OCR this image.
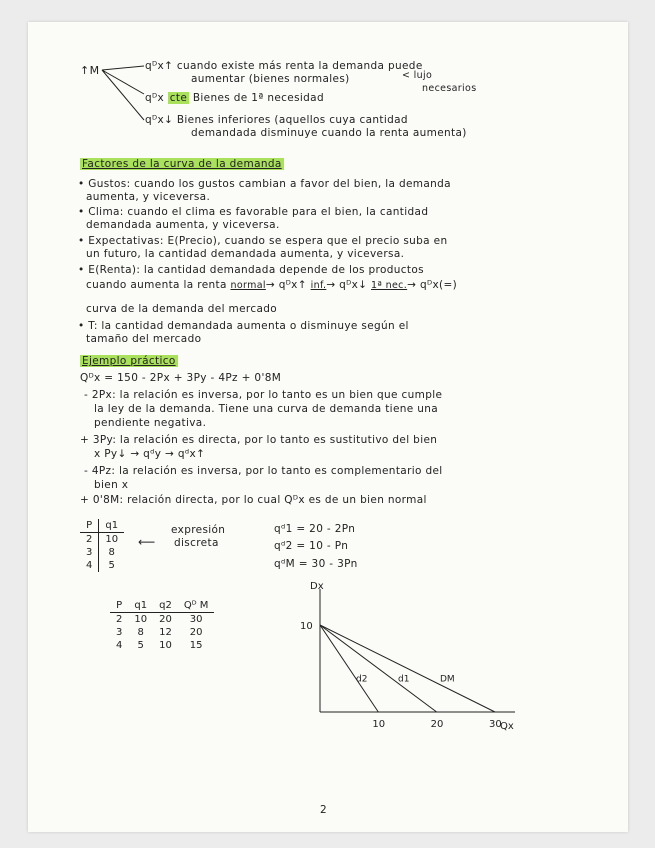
↑M	qᴰx↑ cuando existe más renta la demanda puede
aumentar (bienes normales)	< lujo
necesarios
qᴰx cte Bienes de 1ª necesidad
qᴰx↓ Bienes inferiores (aquellos cuya cantidad
demandada disminuye cuando la renta aumenta)
Factores de la curva de la demanda
• Gustos: cuando los gustos cambian a favor del bien, la demanda
aumenta, y viceversa.
• Clima: cuando el clima es favorable para el bien, la cantidad
demandada aumenta, y viceversa.
• Expectativas: E(Precio), cuando se espera que el precio suba en
un futuro, la cantidad demandada aumenta, y viceversa.
• E(Renta): la cantidad demandada depende de los productos
cuando aumenta la renta normal→ qᴰx↑ inf.→ qᴰx↓ 1ª nec.→ qᴰx(=)
curva de la demanda del mercado
• T: la cantidad demandada aumenta o disminuye según el
tamaño del mercado
Ejemplo práctico
Qᴰx = 150 - 2Px + 3Py - 4Pz + 0'8M
- 2Px: la relación es inversa, por lo tanto es un bien que cumple
la ley de la demanda. Tiene una curva de demanda tiene una
pendiente negativa.
+ 3Py: la relación es directa, por lo tanto es sustitutivo del bien
x Py↓ → qᵈy → qᵈx↑
- 4Pz: la relación es inversa, por lo tanto es complementario del
bien x
+ 0'8M: relación directa, por lo cual Qᴰx es de un bien normal
P	q1
2	10
3	8
4	5
⟵
expresión
discreta
qᵈ1 = 20 - 2Pn
qᵈ2 = 10 - Pn
qᵈM = 30 - 3Pn
P	q1	q2	Qᴰ M
2	10	20	30
3	8	12	20
4	5	10	15
Dx
Qx
10
d2	d1	DM
10	20	30
2
